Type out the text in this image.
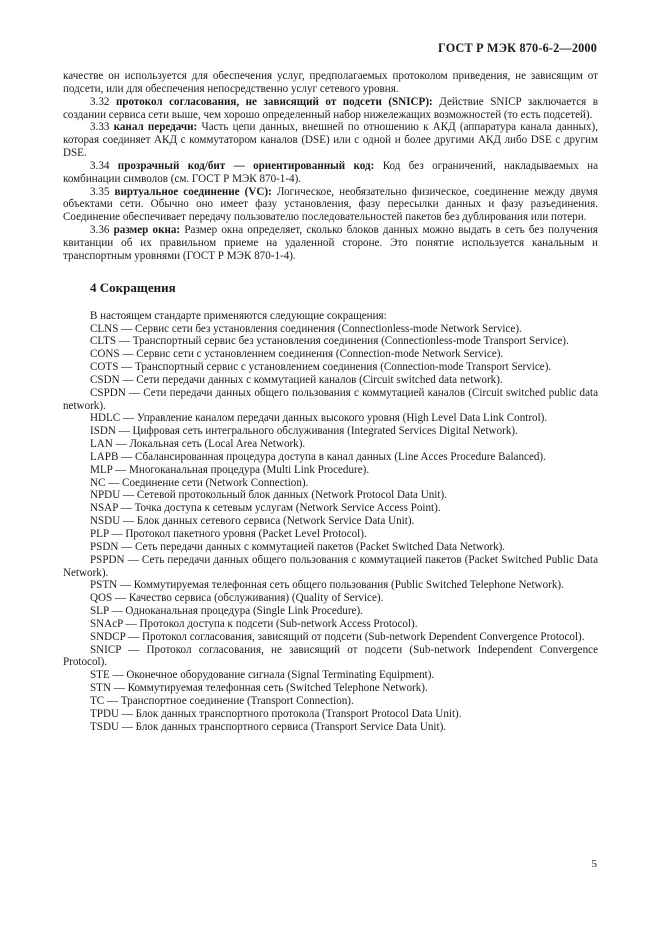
ГОСТ Р МЭК 870-6-2—2000

качестве он используется для обеспечения услуг, предполагаемых протоколом приведения, не зависящим от подсети, или для обеспечения непосредственно услуг сетевого уровня.

3.32 протокол согласования, не зависящий от подсети (SNICP): Действие SNICP заключается в создании сервиса сети выше, чем хорошо определенный набор нижележащих возможностей (то есть подсетей).

3.33 канал передачи: Часть цепи данных, внешней по отношению к АКД (аппаратура канала данных), которая соединяет АКД с коммутатором каналов (DSE) или с одной и более другими АКД либо DSE с другим DSE.

3.34 прозрачный код/бит — ориентированный код: Код без ограничений, накладываемых на комбинации символов (см. ГОСТ Р МЭК 870-1-4).

3.35 виртуальное соединение (VC): Логическое, необязательно физическое, соединение между двумя объектами сети. Обычно оно имеет фазу установления, фазу пересылки данных и фазу разъединения. Соединение обеспечивает передачу пользователю последовательностей пакетов без дублирования или потери.

3.36 размер окна: Размер окна определяет, сколько блоков данных можно выдать в сеть без получения квитанции об их правильном приеме на удаленной стороне. Это понятие используется канальным и транспортным уровнями (ГОСТ Р МЭК 870-1-4).

4 Сокращения

В настоящем стандарте применяются следующие сокращения:

CLNS — Сервис сети без установления соединения (Connectionless-mode Network Service).

CLTS — Транспортный сервис без установления соединения (Connectionless-mode Transport Service).

CONS — Сервис сети с установлением соединения (Connection-mode Network Service).

COTS — Транспортный сервис с установлением соединения (Connection-mode Transport Service).

CSDN — Сети передачи данных с коммутацией каналов (Circuit switched data network).

CSPDN — Сети передачи данных общего пользования с коммутацией каналов (Circuit switched public data network).

HDLC — Управление каналом передачи данных высокого уровня (High Level Data Link Control).

ISDN — Цифровая сеть интегрального обслуживания (Integrated Services Digital Network).

LAN — Локальная сеть (Local Area Network).

LAPB — Сбалансированная процедура доступа в канал данных (Line Acces Procedure Balanced).

MLP — Многоканальная процедура (Multi Link Procedure).

NC — Соединение сети (Network Connection).

NPDU — Сетевой протокольный блок данных (Network Protocol Data Unit).

NSAP — Точка доступа к сетевым услугам (Network Service Access Point).

NSDU — Блок данных сетевого сервиса (Network Service Data Unit).

PLP — Протокол пакетного уровня (Packet Level Protocol).

PSDN — Сеть передачи данных с коммутацией пакетов (Packet Switched Data Network).

PSPDN — Сеть передачи данных общего пользования с коммутацией пакетов (Packet Switched Public Data Network).

PSTN — Коммутируемая телефонная сеть общего пользования (Public Switched Telephone Network).

QOS — Качество сервиса (обслуживания) (Quality of Service).

SLP — Одноканальная процедура (Single Link Procedure).

SNAcP — Протокол доступа к подсети (Sub-network Access Protocol).

SNDCP — Протокол согласования, зависящий от подсети (Sub-network Dependent Convergence Protocol).

SNICP — Протокол согласования, не зависящий от подсети (Sub-network Independent Convergence Protocol).

STE — Оконечное оборудование сигнала (Signal Terminating Equipment).

STN — Коммутируемая телефонная сеть (Switched Telephone Network).

TC — Транспортное соединение (Transport Connection).

TPDU — Блок данных транспортного протокола (Transport Protocol Data Unit).

TSDU — Блок данных транспортного сервиса (Transport Service Data Unit).

5
